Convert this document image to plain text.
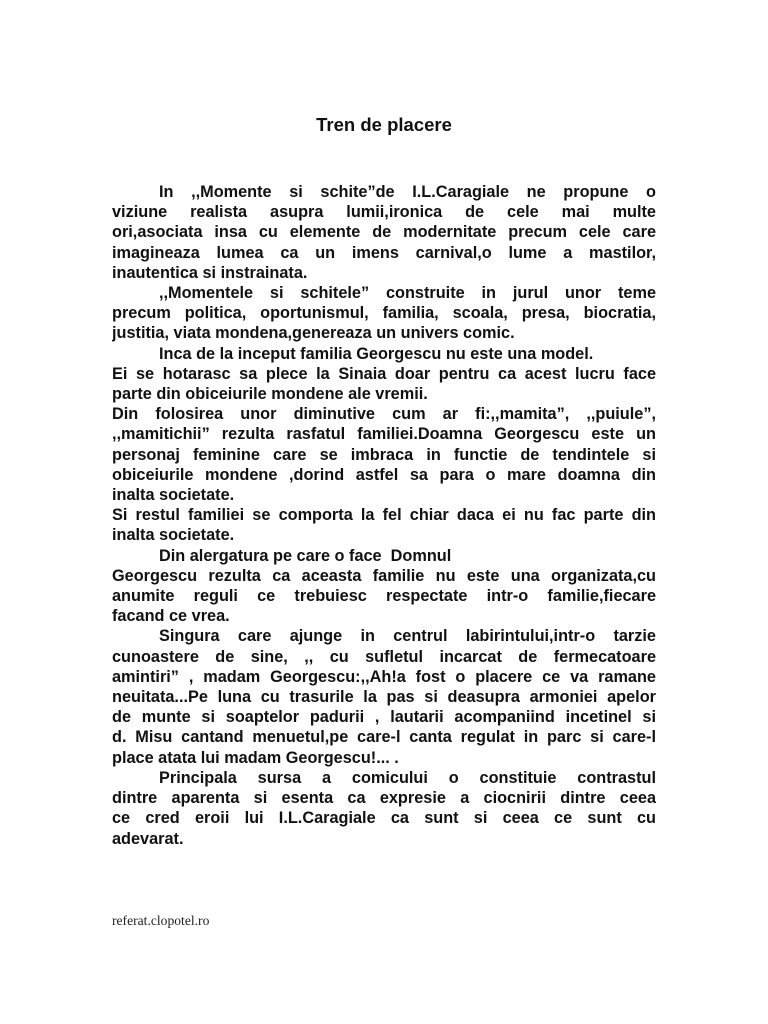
Tren de placere

In ,,Momente si schite”de I.L.Caragiale ne propune o
viziune realista asupra lumii,ironica de cele mai multe
ori,asociata insa cu elemente de modernitate precum cele care
imagineaza lumea ca un imens carnival,o lume a mastilor,
inautentica si instrainata.

,,Momentele si schitele” construite in jurul unor teme
precum politica, oportunismul, familia, scoala, presa, biocratia,
justitia, viata mondena,genereaza un univers comic.

Inca de la inceput familia Georgescu nu este una model.

Ei se hotarasc sa plece la Sinaia doar pentru ca acest lucru face
parte din obiceiurile mondene ale vremii.

Din folosirea unor diminutive cum ar fi:,,mamita”, ,,puiule”,
,,mamitichii” rezulta rasfatul familiei.Doamna Georgescu este un
personaj feminine care se imbraca in functie de tendintele si
obiceiurile mondene ,dorind astfel sa para o mare doamna din
inalta societate.

Si restul familiei se comporta la fel chiar daca ei nu fac parte din
inalta societate.

Din alergatura pe care o face  Domnul

Georgescu rezulta ca aceasta familie nu este una organizata,cu
anumite reguli ce trebuiesc respectate intr-o familie,fiecare
facand ce vrea.

Singura care ajunge in centrul labirintului,intr-o tarzie
cunoastere de sine, ,, cu sufletul incarcat de fermecatoare
amintiri” , madam Georgescu:,,Ah!a fost o placere ce va ramane
neuitata...Pe luna cu trasurile la pas si deasupra armoniei apelor
de munte si soaptelor padurii , lautarii acompaniind incetinel si
d. Misu cantand menuetul,pe care-l canta regulat in parc si care-l
place atata lui madam Georgescu!... .

Principala sursa a comicului o constituie contrastul
dintre aparenta si esenta ca expresie a ciocnirii dintre ceea
ce cred eroii lui I.L.Caragiale ca sunt si ceea ce sunt cu
adevarat.

referat.clopotel.ro
